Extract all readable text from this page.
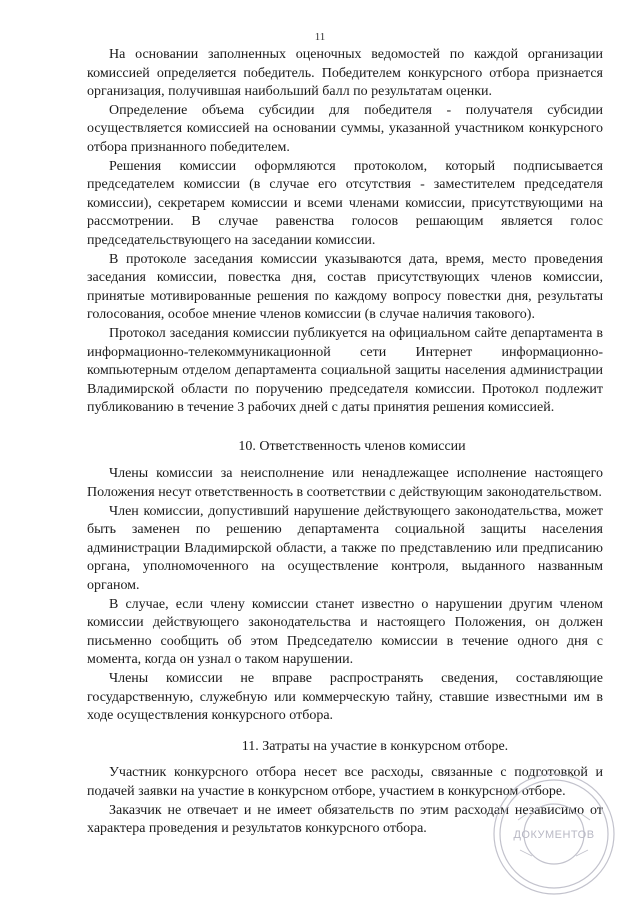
11

На основании заполненных оценочных ведомостей по каждой организации комиссией определяется победитель. Победителем конкурсного отбора признается организация, получившая наибольший балл по результатам оценки.

Определение объема субсидии для победителя - получателя субсидии осуществляется комиссией на основании суммы, указанной участником конкурсного отбора признанного победителем.

Решения комиссии оформляются протоколом, который подписывается председателем комиссии (в случае его отсутствия - заместителем председателя комиссии), секретарем комиссии и всеми членами комиссии, присутствующими на рассмотрении. В случае равенства голосов решающим является голос председательствующего на заседании комиссии.

В протоколе заседания комиссии указываются дата, время, место проведения заседания комиссии, повестка дня, состав присутствующих членов комиссии, принятые мотивированные решения по каждому вопросу повестки дня, результаты голосования, особое мнение членов комиссии (в случае наличия такового).

Протокол заседания комиссии публикуется на официальном сайте департамента в информационно-телекоммуникационной сети Интернет информационно-компьютерным отделом департамента социальной защиты населения администрации Владимирской области по поручению председателя комиссии. Протокол подлежит публикованию в течение 3 рабочих дней с даты принятия решения комиссией.

10. Ответственность членов комиссии

Члены комиссии за неисполнение или ненадлежащее исполнение настоящего Положения несут ответственность в соответствии с действующим законодательством.

Член комиссии, допустивший нарушение действующего законодательства, может быть заменен по решению департамента социальной защиты населения администрации Владимирской области, а также по представлению или предписанию органа, уполномоченного на осуществление контроля, выданного названным органом.

В случае, если члену комиссии станет известно о нарушении другим членом комиссии действующего законодательства и настоящего Положения, он должен письменно сообщить об этом Председателю комиссии в течение одного дня с момента, когда он узнал о таком нарушении.

Члены комиссии не вправе распространять сведения, составляющие государственную, служебную или коммерческую тайну, ставшие известными им в ходе осуществления конкурсного отбора.

11. Затраты на участие в конкурсном отборе.

Участник конкурсного отбора несет все расходы, связанные с подготовкой и подачей заявки на участие в конкурсном отборе, участием в конкурсном отборе.

Заказчик не отвечает и не имеет обязательств по этим расходам независимо от характера проведения и результатов конкурсного отбора.	ДОКУМЕНТОВ
